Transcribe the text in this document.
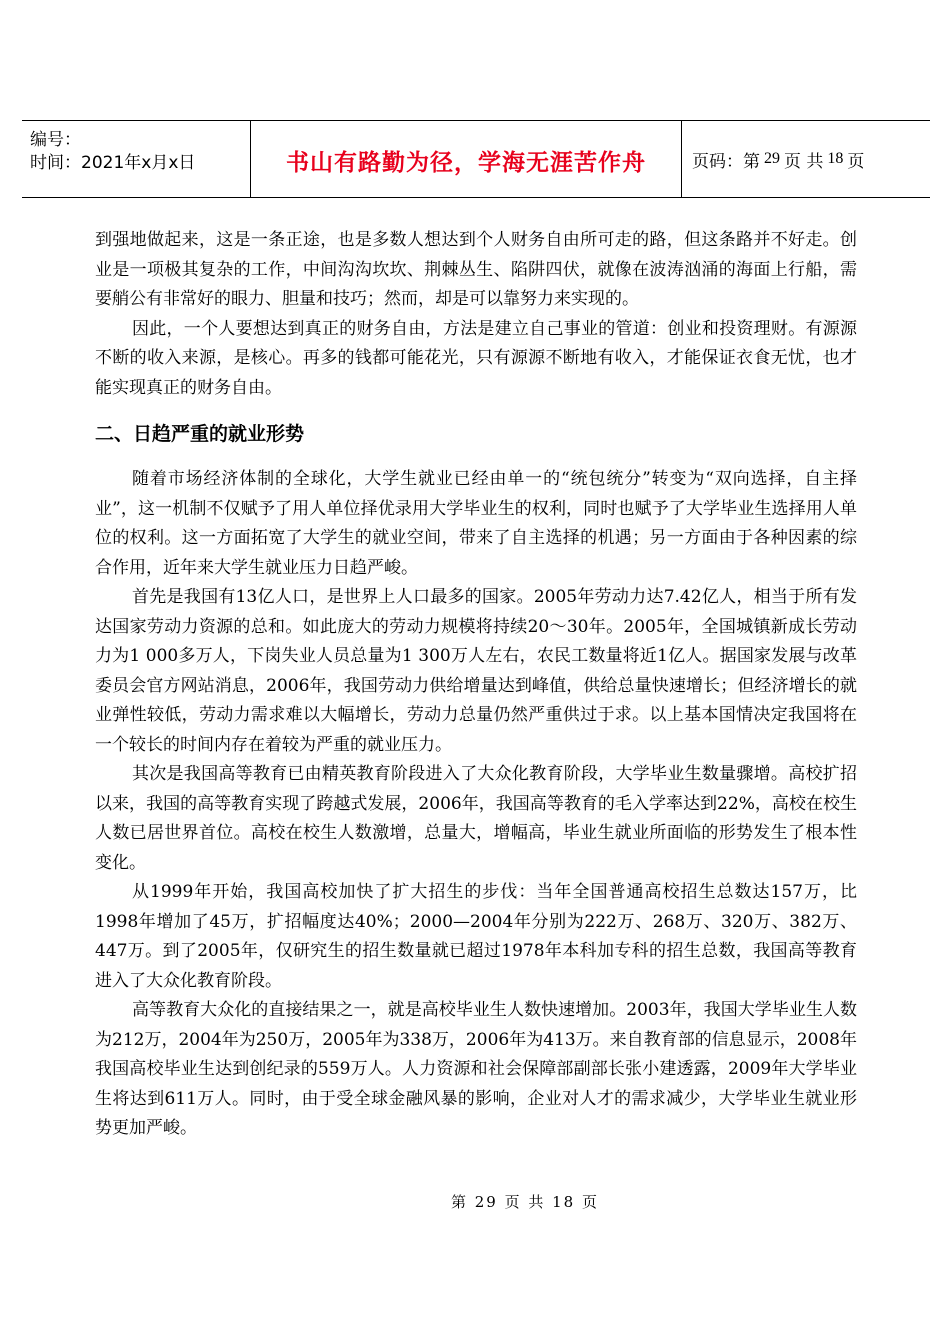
编号：
时间：2021年x月x日	书山有路勤为径，学海无涯苦作舟	页码：第 29 页 共 18 页

到强地做起来，这是一条正途，也是多数人想达到个人财务自由所可走的路，但这条路并不好走。创业是一项极其复杂的工作，中间沟沟坎坎、荆棘丛生、陷阱四伏，就像在波涛汹涌的海面上行船，需要艄公有非常好的眼力、胆量和技巧；然而，却是可以靠努力来实现的。

因此，一个人要想达到真正的财务自由，方法是建立自己事业的管道：创业和投资理财。有源源不断的收入来源，是核心。再多的钱都可能花光，只有源源不断地有收入，才能保证衣食无忧，也才能实现真正的财务自由。

二、日趋严重的就业形势

随着市场经济体制的全球化，大学生就业已经由单一的“统包统分”转变为“双向选择，自主择业”，这一机制不仅赋予了用人单位择优录用大学毕业生的权利，同时也赋予了大学毕业生选择用人单位的权利。这一方面拓宽了大学生的就业空间，带来了自主选择的机遇；另一方面由于各种因素的综合作用，近年来大学生就业压力日趋严峻。

首先是我国有13亿人口，是世界上人口最多的国家。2005年劳动力达7.42亿人，相当于所有发达国家劳动力资源的总和。如此庞大的劳动力规模将持续20～30年。2005年，全国城镇新成长劳动力为1 000多万人，下岗失业人员总量为1 300万人左右，农民工数量将近1亿人。据国家发展与改革委员会官方网站消息，2006年，我国劳动力供给增量达到峰值，供给总量快速增长；但经济增长的就业弹性较低，劳动力需求难以大幅增长，劳动力总量仍然严重供过于求。以上基本国情决定我国将在一个较长的时间内存在着较为严重的就业压力。

其次是我国高等教育已由精英教育阶段进入了大众化教育阶段，大学毕业生数量骤增。高校扩招以来，我国的高等教育实现了跨越式发展，2006年，我国高等教育的毛入学率达到22%，高校在校生人数已居世界首位。高校在校生人数激增，总量大，增幅高，毕业生就业所面临的形势发生了根本性变化。

从1999年开始，我国高校加快了扩大招生的步伐：当年全国普通高校招生总数达157万，比1998年增加了45万，扩招幅度达40%；2000—2004年分别为222万、268万、320万、382万、447万。到了2005年，仅研究生的招生数量就已超过1978年本科加专科的招生总数，我国高等教育进入了大众化教育阶段。

高等教育大众化的直接结果之一，就是高校毕业生人数快速增加。2003年，我国大学毕业生人数为212万，2004年为250万，2005年为338万，2006年为413万。来自教育部的信息显示，2008年我国高校毕业生达到创纪录的559万人。人力资源和社会保障部副部长张小建透露，2009年大学毕业生将达到611万人。同时，由于受全球金融风暴的影响，企业对人才的需求减少，大学毕业生就业形势更加严峻。

第 29 页 共 18 页
